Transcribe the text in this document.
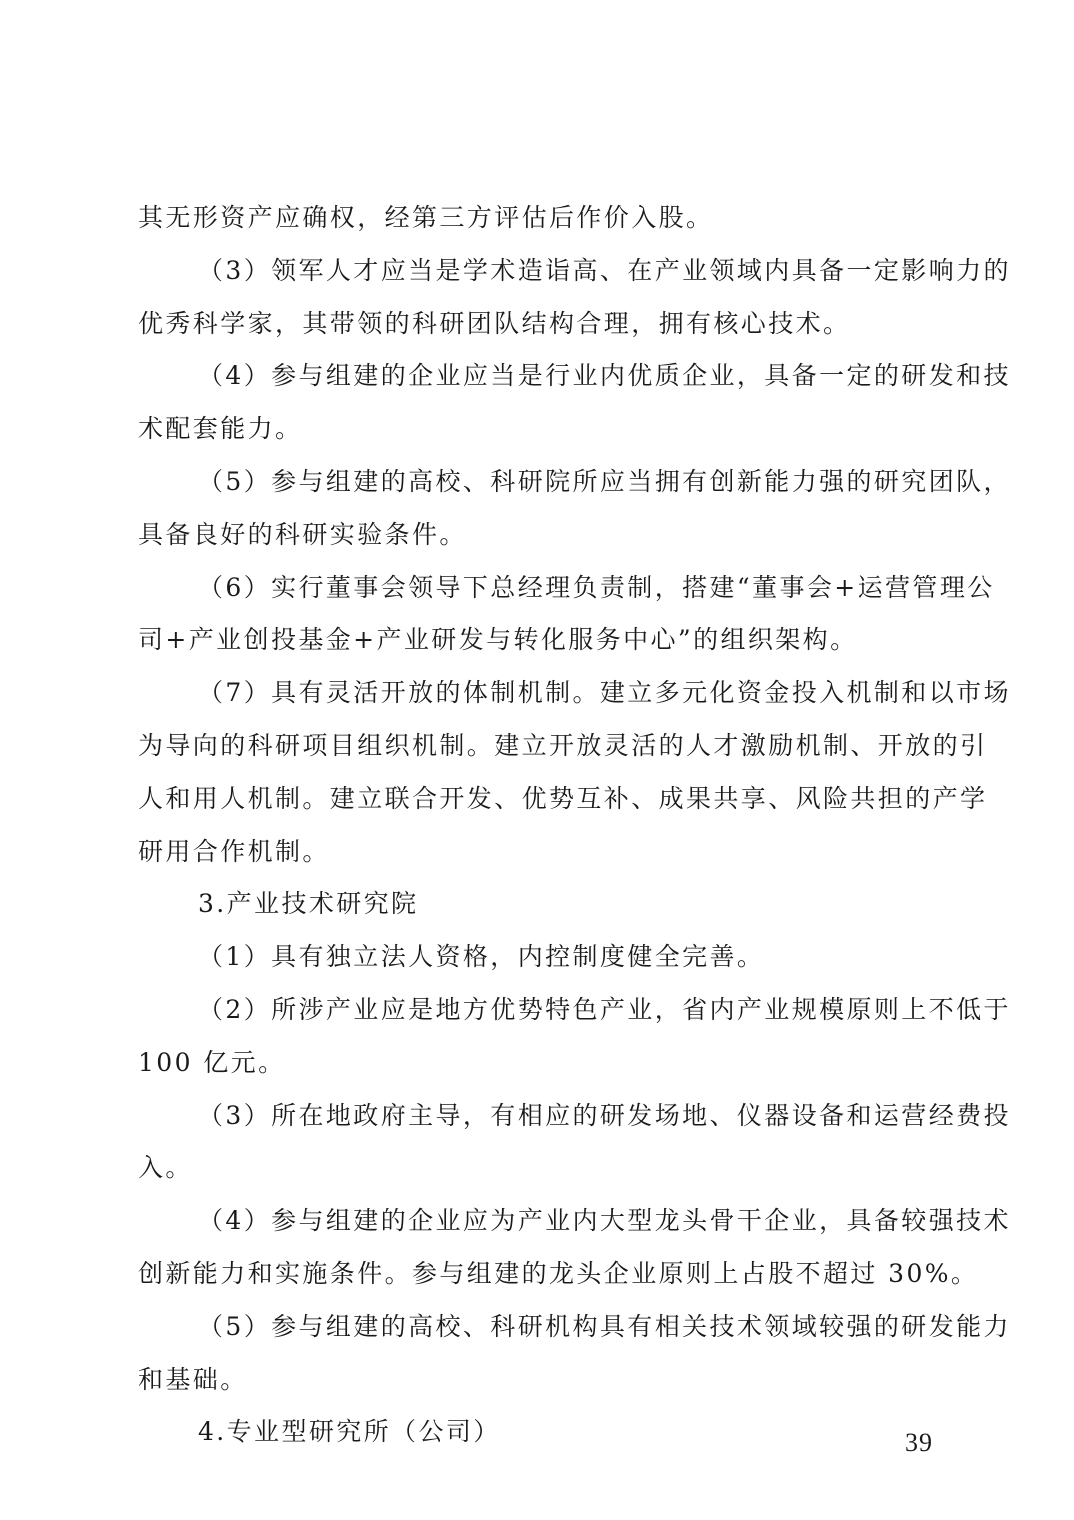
其无形资产应确权，经第三方评估后作价入股。
（3）领军人才应当是学术造诣高、在产业领域内具备一定影响力的
优秀科学家，其带领的科研团队结构合理，拥有核心技术。
（4）参与组建的企业应当是行业内优质企业，具备一定的研发和技
术配套能力。
（5）参与组建的高校、科研院所应当拥有创新能力强的研究团队，
具备良好的科研实验条件。
（6）实行董事会领导下总经理负责制，搭建“董事会+运营管理公
司+产业创投基金+产业研发与转化服务中心”的组织架构。
（7）具有灵活开放的体制机制。建立多元化资金投入机制和以市场
为导向的科研项目组织机制。建立开放灵活的人才激励机制、开放的引
人和用人机制。建立联合开发、优势互补、成果共享、风险共担的产学
研用合作机制。
3.产业技术研究院
（1）具有独立法人资格，内控制度健全完善。
（2）所涉产业应是地方优势特色产业，省内产业规模原则上不低于
100 亿元。
（3）所在地政府主导，有相应的研发场地、仪器设备和运营经费投
入。
（4）参与组建的企业应为产业内大型龙头骨干企业，具备较强技术
创新能力和实施条件。参与组建的龙头企业原则上占股不超过 30%。
（5）参与组建的高校、科研机构具有相关技术领域较强的研发能力
和基础。
4.专业型研究所（公司）	39
